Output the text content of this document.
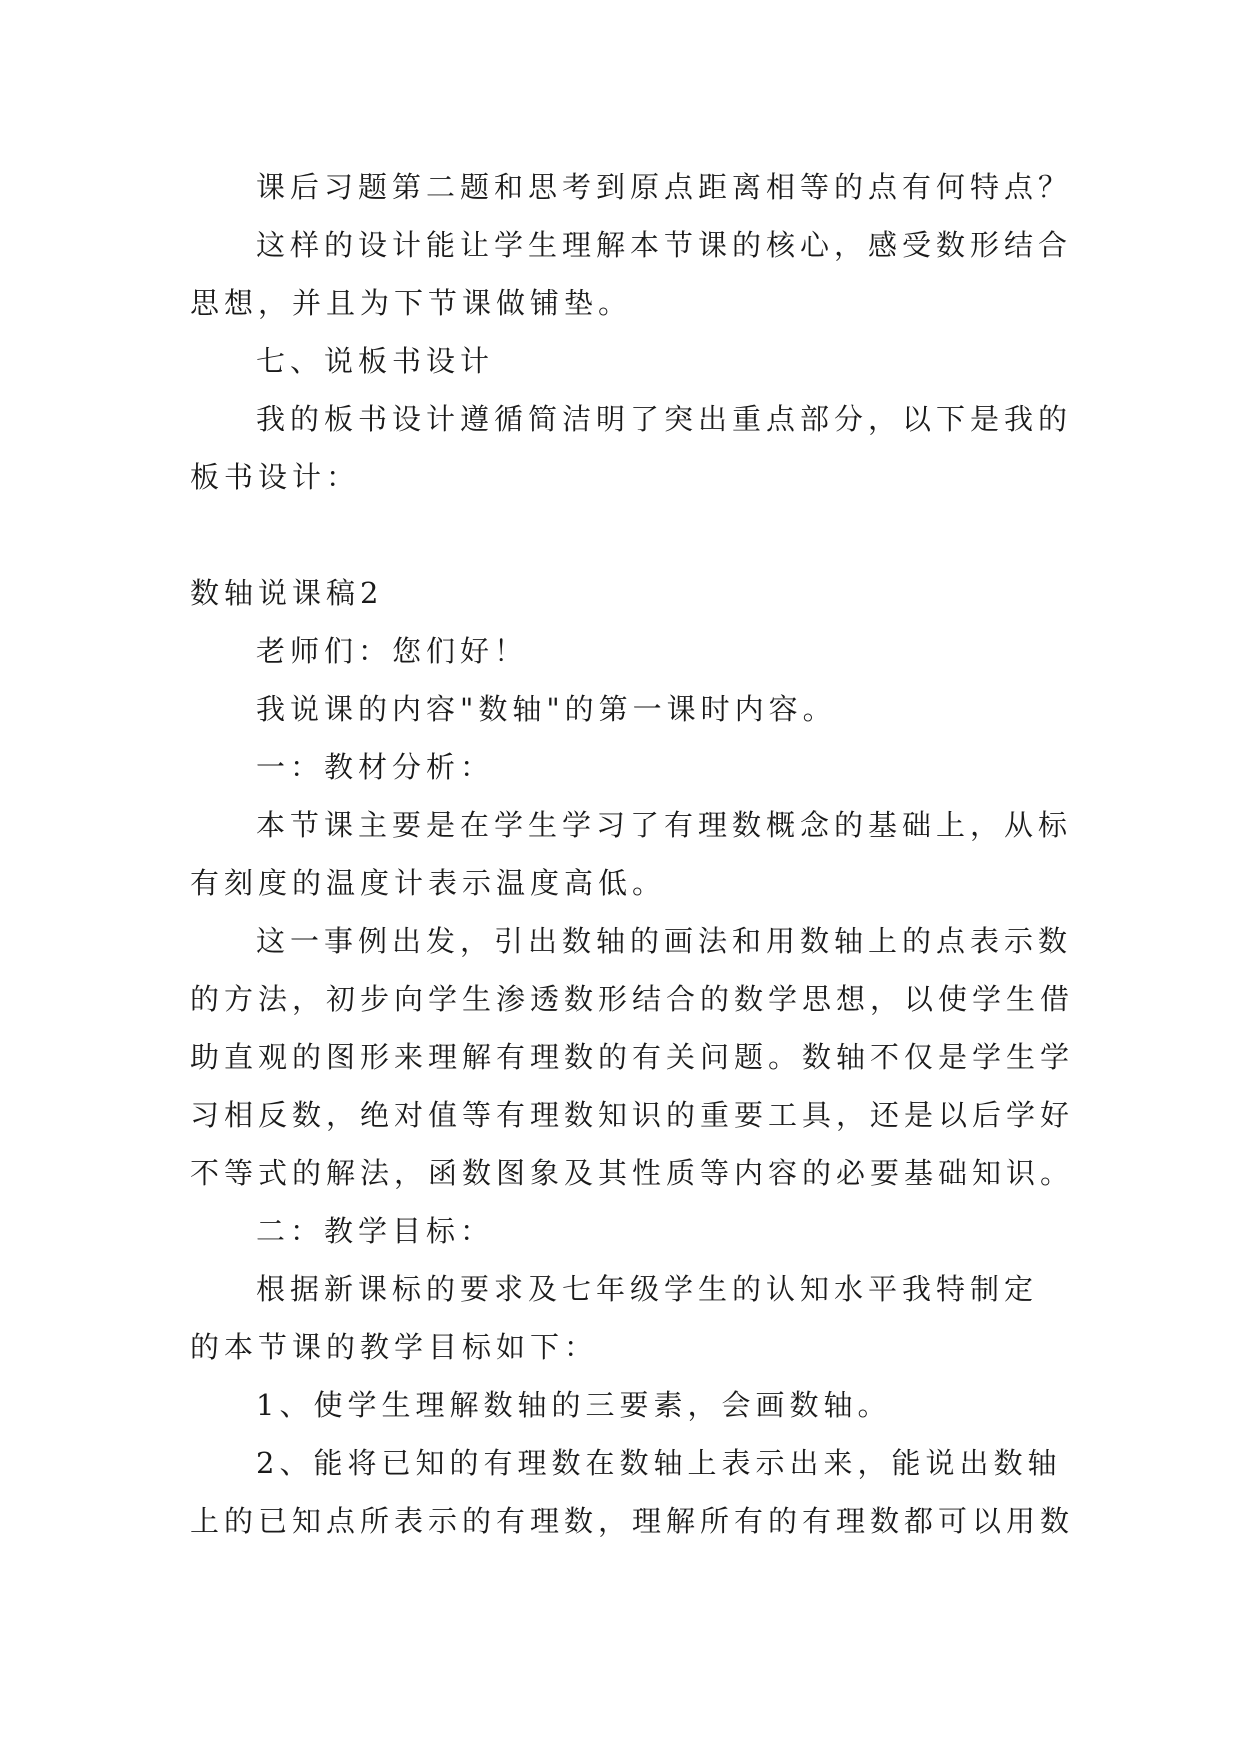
课后习题第二题和思考到原点距离相等的点有何特点？
这样的设计能让学生理解本节课的核心，感受数形结合
思想，并且为下节课做铺垫。
七、说板书设计
我的板书设计遵循简洁明了突出重点部分，以下是我的
板书设计：
数轴说课稿2
老师们：您们好！
我说课的内容"数轴"的第一课时内容。
一：教材分析：
本节课主要是在学生学习了有理数概念的基础上，从标
有刻度的温度计表示温度高低。
这一事例出发，引出数轴的画法和用数轴上的点表示数
的方法，初步向学生渗透数形结合的数学思想，以使学生借
助直观的图形来理解有理数的有关问题。数轴不仅是学生学
习相反数，绝对值等有理数知识的重要工具，还是以后学好
不等式的解法，函数图象及其性质等内容的必要基础知识。
二：教学目标：
根据新课标的要求及七年级学生的认知水平我特制定
的本节课的教学目标如下：
1、使学生理解数轴的三要素，会画数轴。
2、能将已知的有理数在数轴上表示出来，能说出数轴
上的已知点所表示的有理数，理解所有的有理数都可以用数
